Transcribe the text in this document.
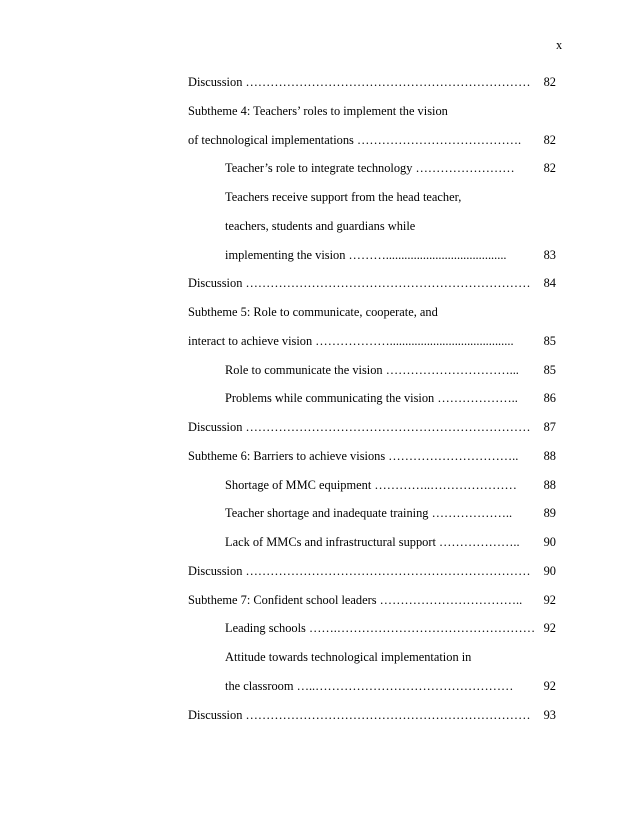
x
Discussion …………………………………………………………… 82
Subtheme 4: Teachers’ roles to implement the vision
of technological implementations …………………………………. 82
Teacher’s role to integrate technology …………………… 82
Teachers receive support from the head teacher,
teachers, students and guardians while
implementing the vision ……….......................................	83
Discussion …………………………………………………………… 84
Subtheme 5: Role to communicate, cooperate, and
interact to achieve vision ………………........................................ 85
Role to communicate the vision …………………………... 85
Problems while communicating the vision ……………….. 86
Discussion …………………………………………………………… 87
Subtheme 6: Barriers to achieve visions ………………………….. 88
Shortage of MMC equipment …………..………………… 88
Teacher shortage and inadequate training ………………..	89
Lack of MMCs and infrastructural support ……………….. 90
Discussion …………………………………………………………… 90
Subtheme 7: Confident school leaders …………………………….. 92
Leading schools …….………………………………………… 92
Attitude towards technological implementation in
the classroom …..………………………………………… 92
Discussion …………………………………………………………… 93
